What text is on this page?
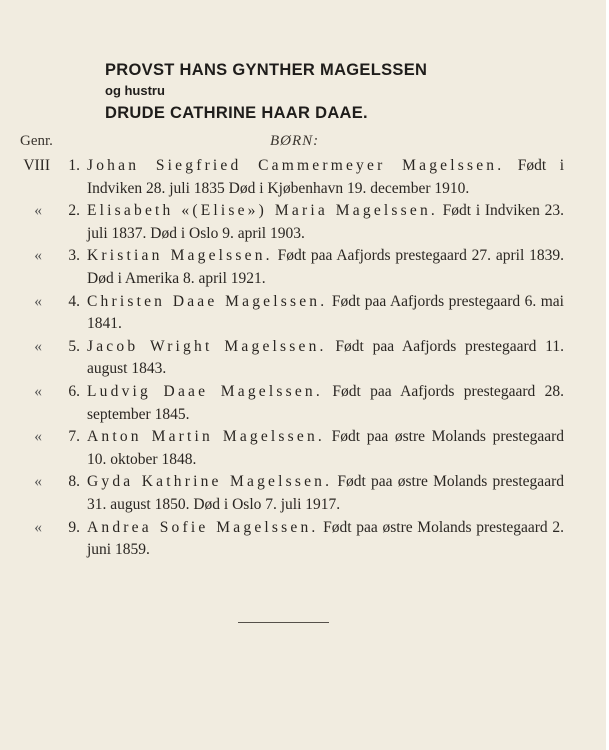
PROVST HANS GYNTHER MAGELSSEN
og hustru
DRUDE CATHRINE HAAR DAAE.
Genr.	BØRN:
VIII	1. Johan Siegfried Cammermeyer Magelssen. Født i Indviken 28. juli 1835 Død i Kjøbenhavn 19. december 1910.
«	2. Elisabeth «(Elise») Maria Magelssen. Født i Indviken 23. juli 1837. Død i Oslo 9. april 1903.
«	3. Kristian Magelssen. Født paa Aafjords prestegaard 27. april 1839. Død i Amerika 8. april 1921.
«	4. Christen Daae Magelssen. Født paa Aafjords prestegaard 6. mai 1841.
«	5. Jacob Wright Magelssen. Født paa Aafjords prestegaard 11. august 1843.
«	6. Ludvig Daae Magelssen. Født paa Aafjords prestegaard 28. september 1845.
«	7. Anton Martin Magelssen. Født paa østre Molands prestegaard 10. oktober 1848.
«	8. Gyda Kathrine Magelssen. Født paa østre Molands prestegaard 31. august 1850. Død i Oslo 7. juli 1917.
«	9. Andrea Sofie Magelssen. Født paa østre Molands prestegaard 2. juni 1859.
